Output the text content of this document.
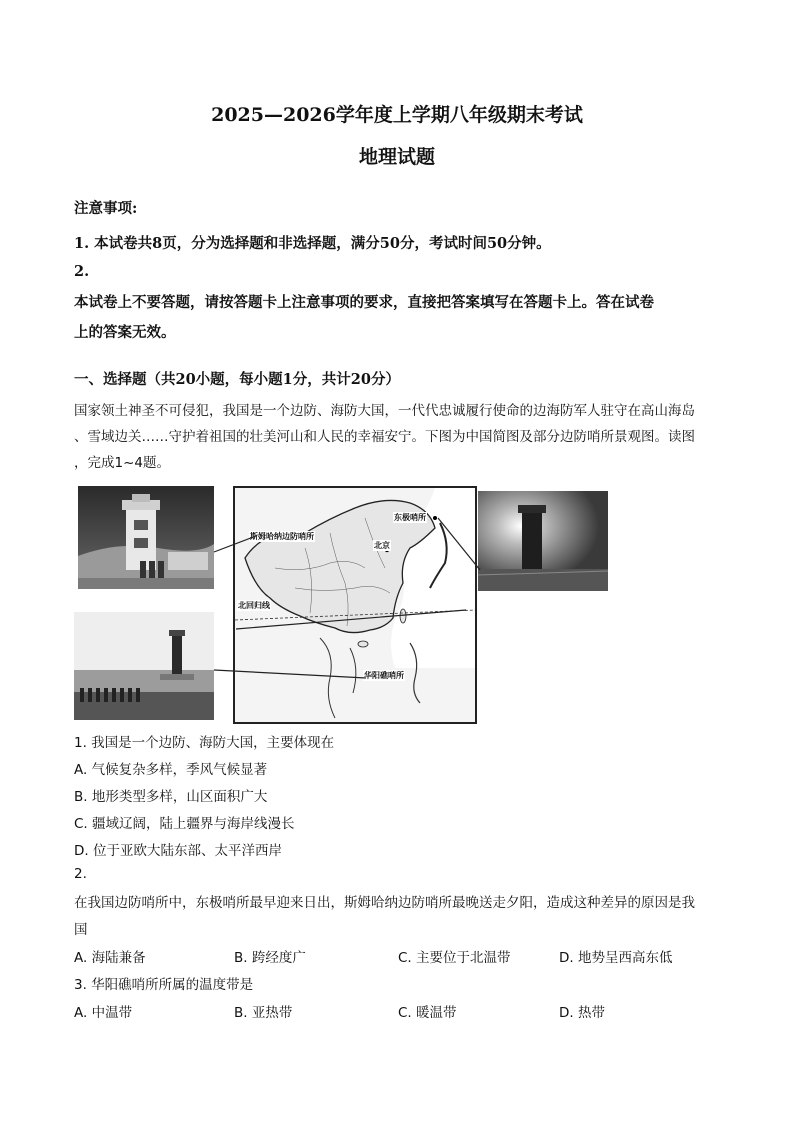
2025—2026学年度上学期八年级期末考试
地理试题
注意事项:
1. 本试卷共8页，分为选择题和非选择题，满分50分，考试时间50分钟。
2.
本试卷上不要答题，请按答题卡上注意事项的要求，直接把答案填写在答题卡上。答在试卷
上的答案无效。
一、选择题（共20小题，每小题1分，共计20分）
国家领土神圣不可侵犯，我国是一个边防、海防大国，一代代忠诚履行使命的边海防军人驻守在高山海岛
、雪域边关……守护着祖国的壮美河山和人民的幸福安宁。下图为中国简图及部分边防哨所景观图。读图
，完成1~4题。
斯姆哈纳边防哨所
东极哨所
北京
北回归线
华阳礁哨所
1. 我国是一个边防、海防大国，主要体现在
A. 气候复杂多样，季风气候显著
B. 地形类型多样，山区面积广大
C. 疆域辽阔，陆上疆界与海岸线漫长
D. 位于亚欧大陆东部、太平洋西岸
2.
在我国边防哨所中，东极哨所最早迎来日出，斯姆哈纳边防哨所最晚送走夕阳，造成这种差异的原因是我
国
A. 海陆兼备	B. 跨经度广	C. 主要位于北温带	D. 地势呈西高东低
3. 华阳礁哨所所属的温度带是
A. 中温带	B. 亚热带	C. 暖温带	D. 热带
